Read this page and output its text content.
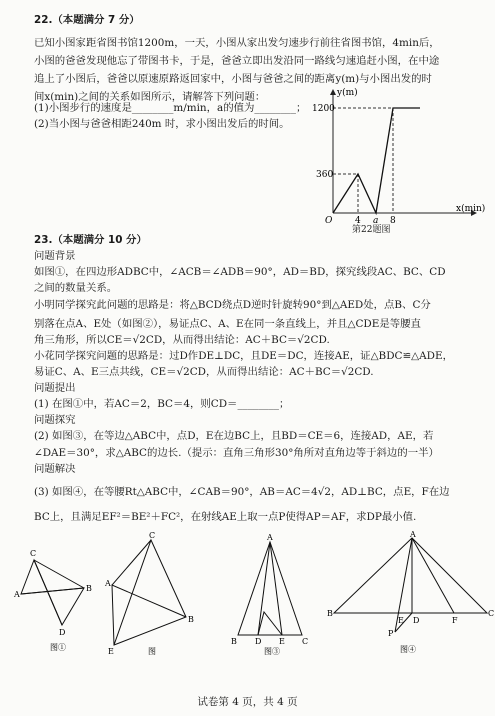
22.（本题满分 7 分）
已知小图家距省图书馆1200m，一天，小图从家出发匀速步行前往省图书馆，4min后，
小图的爸爸发现他忘了带图书卡，于是，爸爸立即出发沿同一路线匀速追赶小图，在中途
追上了小图后，爸爸以原速原路返回家中，小图与爸爸之间的距离y(m)与小图出发的时
间x(min)之间的关系如图所示，请解答下列问题：
(1)小图步行的速度是________m/min，a的值为________；
(2)当小图与爸爸相距240m 时，求小图出发后的时间。
1200
360
O	4 a 8
y(m)
x(min)
第22题图
23.（本题满分 10 分）
问题背景
如图①，在四边形ADBC中，∠ACB＝∠ADB＝90°，AD＝BD，探究线段AC、BC、CD
之间的数量关系。
小明同学探究此问题的思路是：将△BCD绕点D逆时针旋转90°到△AED处，点B、C分
别落在点A、E处（如图②），易证点C、A、E在同一条直线上，并且△CDE是等腰直
角三角形，所以CE＝√2CD，从而得出结论：AC＋BC＝√2CD.
小花同学探究问题的思路是：过D作DE⊥DC，且DE＝DC，连接AE，证△BDC≌△ADE，
易证C、A、E三点共线，CE＝√2CD，从而得出结论：AC＋BC＝√2CD.
问题提出
(1) 在图①中，若AC＝2，BC＝4，则CD＝________；
问题探究
(2) 如图③，在等边△ABC中，点D，E在边BC上，且BD＝CE＝6，连接AD，AE，若
∠DAE＝30°，求△ABC的边长.（提示：直角三角形30°角所对直角边等于斜边的一半）
问题解决
(3) 如图④，在等腰Rt△ABC中，∠CAB＝90°，AB＝AC＝4√2，AD⊥BC，点E，F在边
BC上，且满足EF²＝BE²＋FC²，在射线AE上取一点P使得AP＝AF，求DP最小值.
C
A
B
D
图①
C
A
B
E	图
A
B	C
D E
图③
A
B	C
D
E	F
P
图④
试卷第 4 页，共 4 页
